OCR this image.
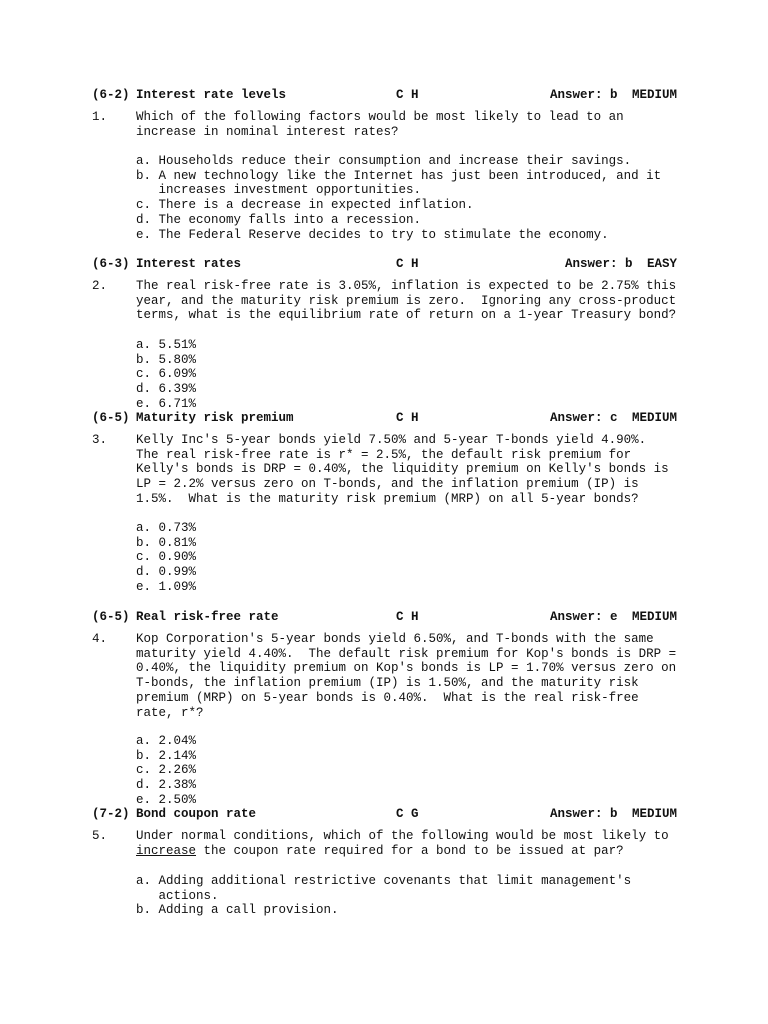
(6-2) Interest rate levels	C H	Answer: b MEDIUM
1. Which of the following factors would be most likely to lead to an
increase in nominal interest rates?
a. Households reduce their consumption and increase their savings.
b. A new technology like the Internet has just been introduced, and it
increases investment opportunities.
c. There is a decrease in expected inflation.
d. The economy falls into a recession.
e. The Federal Reserve decides to try to stimulate the economy.
(6-3) Interest rates	C H	Answer: b EASY
2. The real risk-free rate is 3.05%, inflation is expected to be 2.75% this
year, and the maturity risk premium is zero.  Ignoring any cross-product
terms, what is the equilibrium rate of return on a 1-year Treasury bond?
a. 5.51%
b. 5.80%
c. 6.09%
d. 6.39%
e. 6.71%
(6-5) Maturity risk premium	C H	Answer: c MEDIUM
3. Kelly Inc's 5-year bonds yield 7.50% and 5-year T-bonds yield 4.90%.
The real risk-free rate is r* = 2.5%, the default risk premium for
Kelly's bonds is DRP = 0.40%, the liquidity premium on Kelly's bonds is
LP = 2.2% versus zero on T-bonds, and the inflation premium (IP) is
1.5%.  What is the maturity risk premium (MRP) on all 5-year bonds?
a. 0.73%
b. 0.81%
c. 0.90%
d. 0.99%
e. 1.09%
(6-5) Real risk-free rate	C H	Answer: e MEDIUM
4. Kop Corporation's 5-year bonds yield 6.50%, and T-bonds with the same
maturity yield 4.40%.  The default risk premium for Kop's bonds is DRP =
0.40%, the liquidity premium on Kop's bonds is LP = 1.70% versus zero on
T-bonds, the inflation premium (IP) is 1.50%, and the maturity risk
premium (MRP) on 5-year bonds is 0.40%.  What is the real risk-free
rate, r*?
a. 2.04%
b. 2.14%
c. 2.26%
d. 2.38%
e. 2.50%
(7-2) Bond coupon rate	C G	Answer: b MEDIUM
5. Under normal conditions, which of the following would be most likely to
increase the coupon rate required for a bond to be issued at par?
a. Adding additional restrictive covenants that limit management's
actions.
b. Adding a call provision.
